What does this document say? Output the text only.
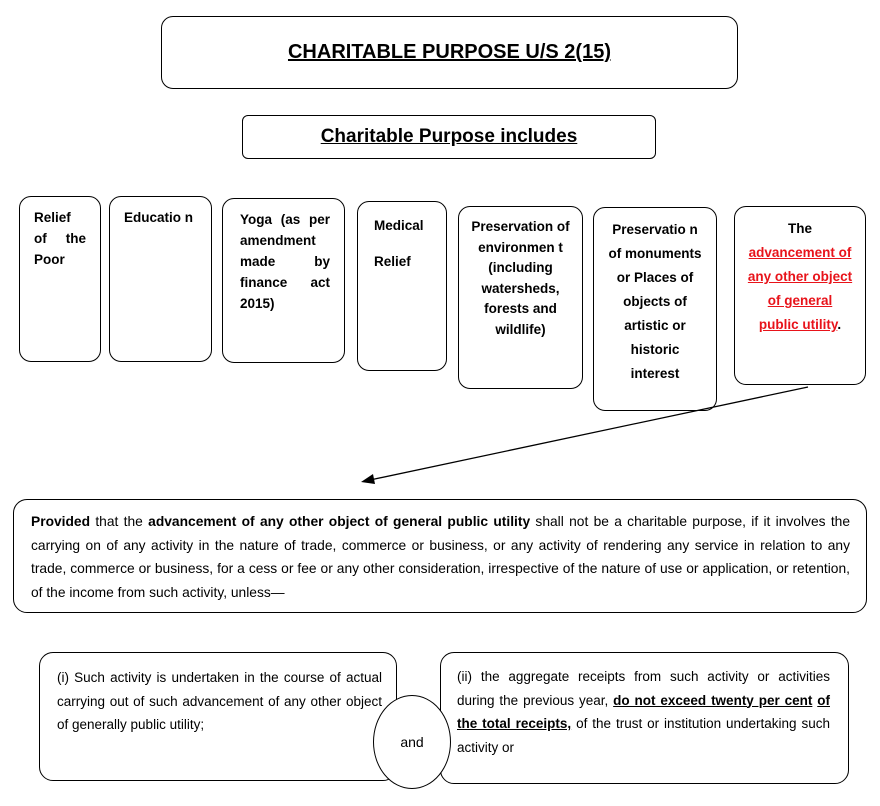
CHARITABLE PURPOSE U/S 2(15)
Charitable Purpose includes
Relief of the Poor
Educatio n	Yoga (as per amendment made by finance act 2015)
Medical
Relief
Preservation of environmen t (including watersheds, forests and wildlife)
Preservatio n of monuments or Places of objects of artistic or historic interest
The
advancement of any other object of general public utility.
Provided that the advancement of any other object of general public utility shall not be a charitable purpose, if it involves the carrying on of any activity in the nature of trade, commerce or business, or any activity of rendering any service in relation to any trade, commerce or business, for a cess or fee or any other consideration, irrespective of the nature of use or application, or retention, of the income from such activity, unless—
(i) Such activity is undertaken in the course of actual carrying out of such advancement of any other object of generally public utility;
(ii) the aggregate receipts from such activity or activities during the previous year, do not exceed twenty per cent of the total receipts, of the trust or institution undertaking such activity or
and
